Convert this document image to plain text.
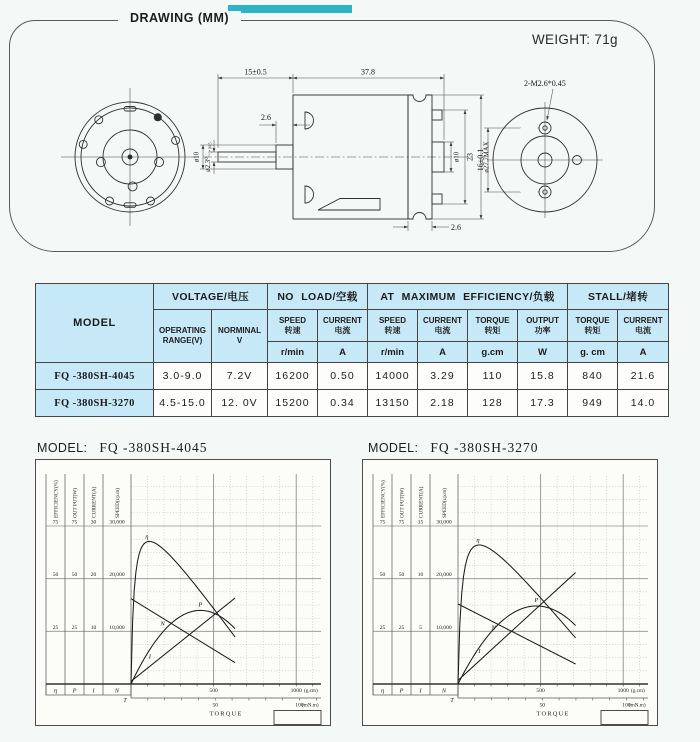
15±0.5	37.8
2.6
ø10 ø2.3⁰₋₀.₀₀₅	ø10 23 ø27.7MAX
2.6
2-M2.6*0.45
16±0.1
DRAWING (MM)
WEIGHT: 71g
MODEL	VOLTAGE/电压		NO LOAD/空载		AT MAXIMUM EFFICIENCY/负载				STALL/堵转	

OPERATING
RANGE(V)

NORMINAL
V

SPEED
转速

CURRENT
电流

SPEED
转速

CURRENT
电流

TORQUE
转矩

OUTPUT
功率

TORQUE
转矩

CURRENT
电流

			r/min	A	r/min	A	g.cm	W	g. cm	A
FQ -380SH-4045	3.0-9.0	7.2V	16200	0.50	14000	3.29	110	15.8	840	21.6
FQ -380SH-3270	4.5-15.0	12. 0V	15200	0.34	13150	2.18	128	17.3	949	14.0
MODEL: FQ -380SH-4045
EFFICIENCY(%)
25
50
75
OUT PUT(W)
25
50
75
CURRENT(A)
10
20
30
SPEED(r.p.m)
10,000
20,000
30,000
η	P	I	N
T
500	1000 (g.cm)
50	100
(mN.m)
TORQUE
η
P
I
N
MODEL: FQ -380SH-3270
EFFICIENCY(%)
25
50
75
OUT PUT(W)
25
50
75
CURRENT(A)
5
10
15
SPEED(r.p.m)
10,000
20,000
30,000
η	P	I	N
T
500	1000 (g.cm)
50	100
(mN.m)
TORQUE
η
P
I
N
